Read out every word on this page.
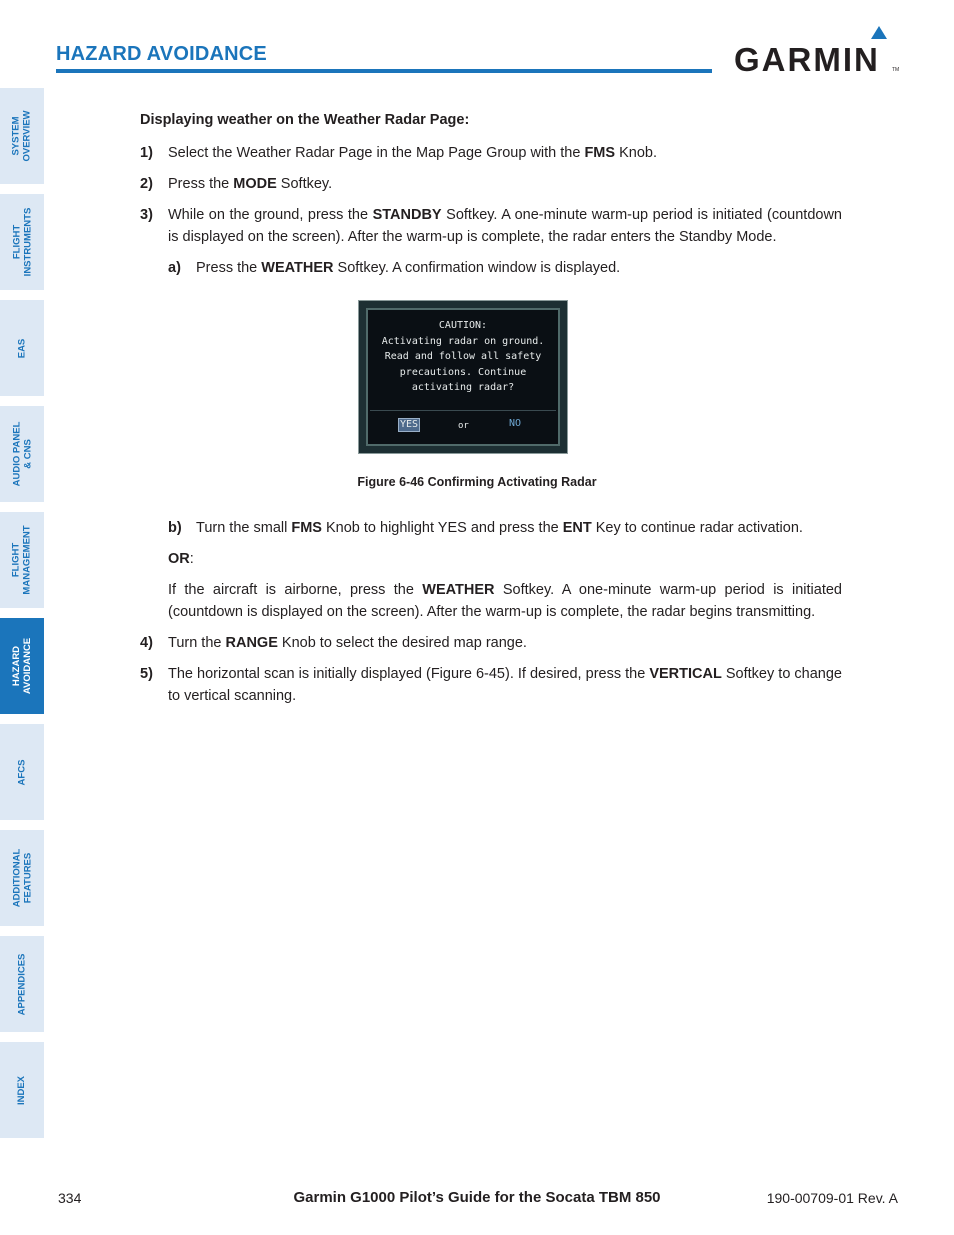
HAZARD AVOIDANCE	GARMIN TM
SYSTEM
OVERVIEW
FLIGHT
INSTRUMENTS
EAS
AUDIO PANEL
& CNS
FLIGHT
MANAGEMENT
HAZARD
AVOIDANCE
AFCS
ADDITIONAL
FEATURES
APPENDICES
INDEX
Displaying weather on the Weather Radar Page:
1) Select the Weather Radar Page in the Map Page Group with the FMS Knob.
2) Press the MODE Softkey.
3) While on the ground, press the STANDBY Softkey. A one-minute warm-up period is initiated (countdown is displayed on the screen). After the warm-up is complete, the radar enters the Standby Mode.
a) Press the WEATHER Softkey. A confirmation window is displayed.
CAUTION:
Activating radar on ground.
Read and follow all safety
precautions. Continue
activating radar?
YES	or	NO
Figure 6-46 Confirming Activating Radar
b) Turn the small FMS Knob to highlight YES and press the ENT Key to continue radar activation.
OR:
If the aircraft is airborne, press the WEATHER Softkey. A one-minute warm-up period is initiated (countdown is displayed on the screen). After the warm-up is complete, the radar begins transmitting.
4) Turn the RANGE Knob to select the desired map range.
5) The horizontal scan is initially displayed (Figure 6-45). If desired, press the VERTICAL Softkey to change to vertical scanning.
334	Garmin G1000 Pilot’s Guide for the Socata TBM 850	190-00709-01 Rev. A
